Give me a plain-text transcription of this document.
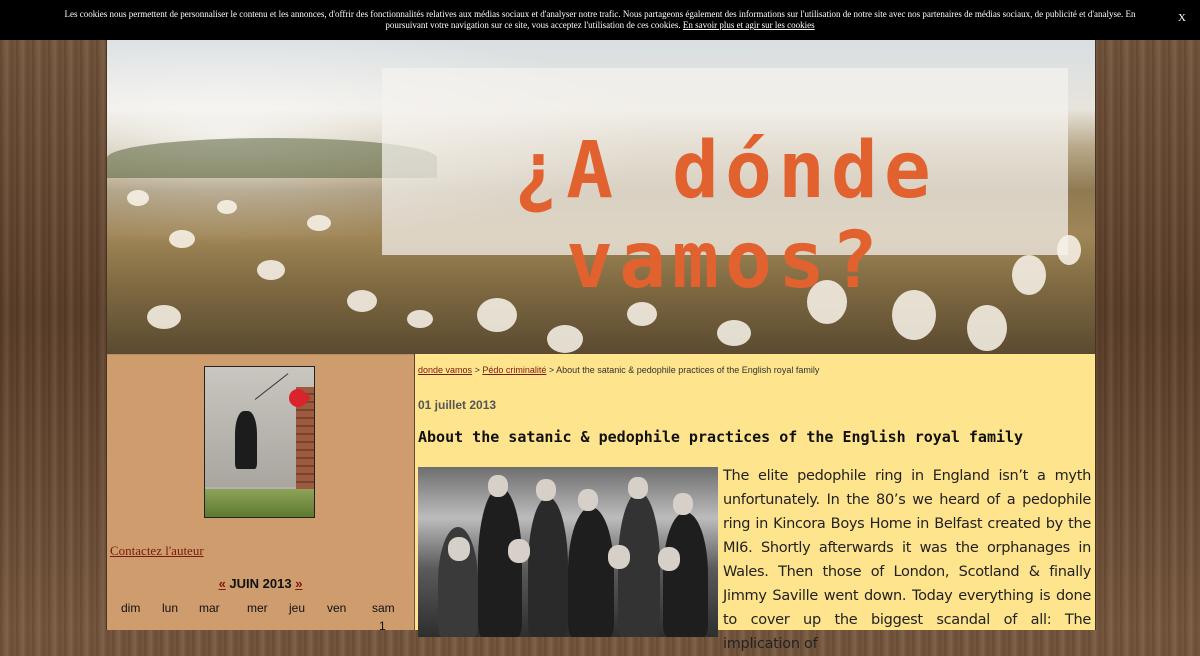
Les cookies nous permettent de personnaliser le contenu et les annonces, d'offrir des fonctionnalités relatives aux médias sociaux et d'analyser notre trafic. Nous partageons également des informations sur l'utilisation de notre site avec nos partenaires de médias sociaux, de publicité et d'analyse. En poursuivant votre navigation sur ce site, vous acceptez l'utilisation de ces cookies. En savoir plus et agir sur les cookies
X
¿A dónde vamos?
Contactez l'auteur
« JUIN 2013 »
dim lun mar mer jeu ven sam
1
donde vamos > Pédo criminalité > About the satanic & pedophile practices of the English royal family
01 juillet 2013
About the satanic & pedophile practices of the English royal family
The elite pedophile ring in England isn’t a myth unfortunately. In the 80’s we heard of a pedophile ring in Kincora Boys Home in Belfast created by the MI6. Shortly afterwards it was the orphanages in Wales. Then those of London, Scotland & finally Jimmy Saville went down. Today everything is done to cover up the biggest scandal of all: The implication of
